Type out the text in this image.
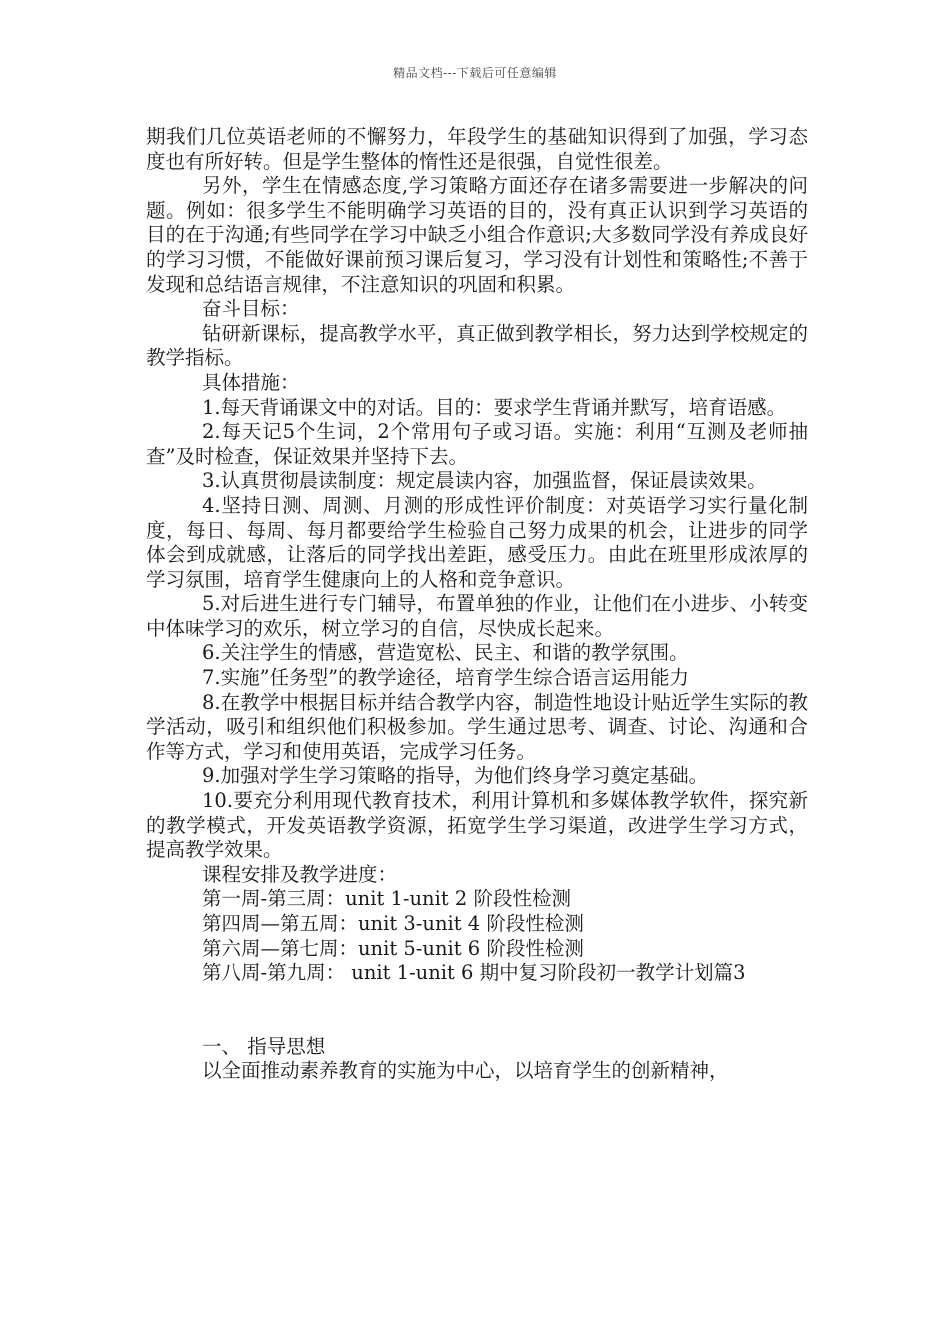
精品文档---下载后可任意编辑

期我们几位英语老师的不懈努力，年段学生的基础知识得到了加强，学习态度也有所好转。但是学生整体的惰性还是很强，自觉性很差。

另外，学生在情感态度,学习策略方面还存在诸多需要进一步解决的问题。例如：很多学生不能明确学习英语的目的，没有真正认识到学习英语的目的在于沟通;有些同学在学习中缺乏小组合作意识;大多数同学没有养成良好的学习习惯，不能做好课前预习课后复习，学习没有计划性和策略性;不善于发现和总结语言规律，不注意知识的巩固和积累。

奋斗目标：

钻研新课标，提高教学水平，真正做到教学相长，努力达到学校规定的教学指标。

具体措施：

1.每天背诵课文中的对话。目的：要求学生背诵并默写，培育语感。

2.每天记5个生词，2个常用句子或习语。实施：利用“互测及老师抽查”及时检查，保证效果并坚持下去。

3.认真贯彻晨读制度：规定晨读内容，加强监督，保证晨读效果。

4.坚持日测、周测、月测的形成性评价制度：对英语学习实行量化制度，每日、每周、每月都要给学生检验自己努力成果的机会，让进步的同学体会到成就感，让落后的同学找出差距，感受压力。由此在班里形成浓厚的学习氛围，培育学生健康向上的人格和竞争意识。

5.对后进生进行专门辅导，布置单独的作业，让他们在小进步、小转变中体味学习的欢乐，树立学习的自信，尽快成长起来。

6.关注学生的情感，营造宽松、民主、和谐的教学氛围。

7.实施”任务型”的教学途径，培育学生综合语言运用能力

8.在教学中根据目标并结合教学内容，制造性地设计贴近学生实际的教学活动，吸引和组织他们积极参加。学生通过思考、调查、讨论、沟通和合作等方式，学习和使用英语，完成学习任务。

9.加强对学生学习策略的指导，为他们终身学习奠定基础。

10.要充分利用现代教育技术，利用计算机和多媒体教学软件，探究新的教学模式，开发英语教学资源，拓宽学生学习渠道，改进学生学习方式，提高教学效果。

课程安排及教学进度：

第一周-第三周：unit 1-unit 2 阶段性检测

第四周—第五周：unit 3-unit 4 阶段性检测

第六周—第七周：unit 5-unit 6 阶段性检测

第八周-第九周： unit 1-unit 6 期中复习阶段初一教学计划篇3

一、 指导思想

以全面推动素养教育的实施为中心，以培育学生的创新精神，
